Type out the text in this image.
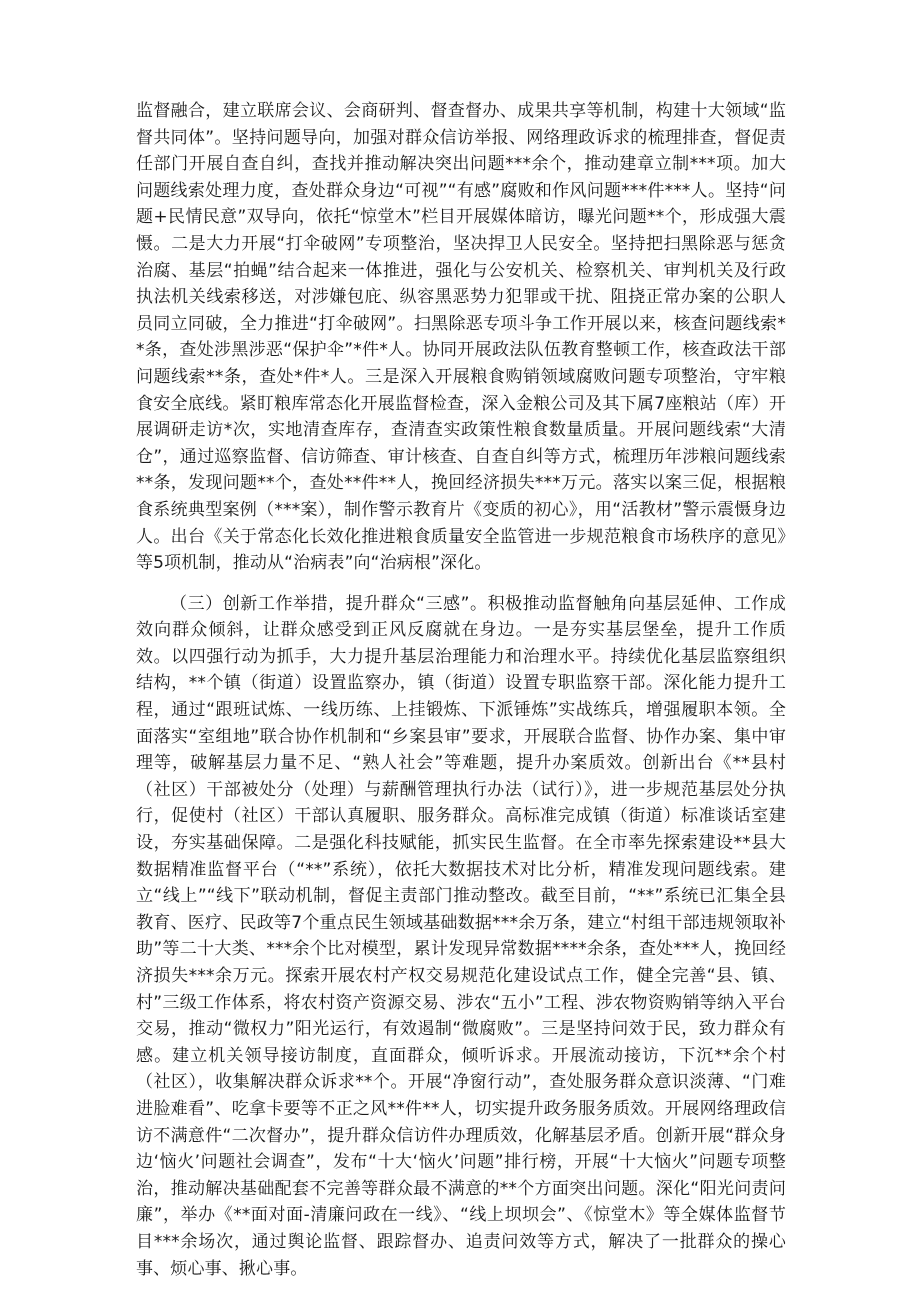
监督融合，建立联席会议、会商研判、督查督办、成果共享等机制，构建十大领域“监督共同体”。坚持问题导向，加强对群众信访举报、网络理政诉求的梳理排查，督促责任部门开展自查自纠，查找并推动解决突出问题***余个，推动建章立制***项。加大问题线索处理力度，查处群众身边“可视”“有感”腐败和作风问题***件***人。坚持“问题+民情民意”双导向，依托“惊堂木”栏目开展媒体暗访，曝光问题**个，形成强大震慑。二是大力开展“打伞破网”专项整治，坚决捍卫人民安全。坚持把扫黑除恶与惩贪治腐、基层“拍蝇”结合起来一体推进，强化与公安机关、检察机关、审判机关及行政执法机关线索移送，对涉嫌包庇、纵容黑恶势力犯罪或干扰、阻挠正常办案的公职人员同立同破，全力推进“打伞破网”。扫黑除恶专项斗争工作开展以来，核查问题线索**条，查处涉黑涉恶“保护伞”*件*人。协同开展政法队伍教育整顿工作，核查政法干部问题线索**条，查处*件*人。三是深入开展粮食购销领域腐败问题专项整治，守牢粮食安全底线。紧盯粮库常态化开展监督检查，深入金粮公司及其下属7座粮站（库）开展调研走访*次，实地清查库存，查清查实政策性粮食数量质量。开展问题线索“大清仓”，通过巡察监督、信访筛查、审计核查、自查自纠等方式，梳理历年涉粮问题线索**条，发现问题**个，查处**件**人，挽回经济损失***万元。落实以案三促，根据粮食系统典型案例（***案），制作警示教育片《变质的初心》，用“活教材”警示震慑身边人。出台《关于常态化长效化推进粮食质量安全监管进一步规范粮食市场秩序的意见》等5项机制，推动从“治病表”向“治病根”深化。

（三）创新工作举措，提升群众“三感”。积极推动监督触角向基层延伸、工作成效向群众倾斜，让群众感受到正风反腐就在身边。一是夯实基层堡垒，提升工作质效。以四强行动为抓手，大力提升基层治理能力和治理水平。持续优化基层监察组织结构，**个镇（街道）设置监察办，镇（街道）设置专职监察干部。深化能力提升工程，通过“跟班试炼、一线历练、上挂锻炼、下派锤炼”实战练兵，增强履职本领。全面落实“室组地”联合协作机制和“乡案县审”要求，开展联合监督、协作办案、集中审理等，破解基层力量不足、“熟人社会”等难题，提升办案质效。创新出台《**县村（社区）干部被处分（处理）与薪酬管理执行办法（试行）》，进一步规范基层处分执行，促使村（社区）干部认真履职、服务群众。高标准完成镇（街道）标准谈话室建设，夯实基础保障。二是强化科技赋能，抓实民生监督。在全市率先探索建设**县大数据精准监督平台（“**”系统），依托大数据技术对比分析，精准发现问题线索。建立“线上”“线下”联动机制，督促主责部门推动整改。截至目前，“**”系统已汇集全县教育、医疗、民政等7个重点民生领域基础数据***余万条，建立“村组干部违规领取补助”等二十大类、***余个比对模型，累计发现异常数据****余条，查处***人，挽回经济损失***余万元。探索开展农村产权交易规范化建设试点工作，健全完善“县、镇、村”三级工作体系，将农村资产资源交易、涉农“五小”工程、涉农物资购销等纳入平台交易，推动“微权力”阳光运行，有效遏制“微腐败”。三是坚持问效于民，致力群众有感。建立机关领导接访制度，直面群众，倾听诉求。开展流动接访，下沉**余个村（社区），收集解决群众诉求**个。开展“净窗行动”，查处服务群众意识淡薄、“门难进脸难看”、吃拿卡要等不正之风**件**人，切实提升政务服务质效。开展网络理政信访不满意件“二次督办”，提升群众信访件办理质效，化解基层矛盾。创新开展“群众身边‘恼火’问题社会调查”，发布“十大‘恼火’问题”排行榜，开展“十大恼火”问题专项整治，推动解决基础配套不完善等群众最不满意的**个方面突出问题。深化“阳光问责问廉”，举办《**面对面-清廉问政在一线》、“线上坝坝会”、《惊堂木》等全媒体监督节目***余场次，通过舆论监督、跟踪督办、追责问效等方式，解决了一批群众的操心事、烦心事、揪心事。
